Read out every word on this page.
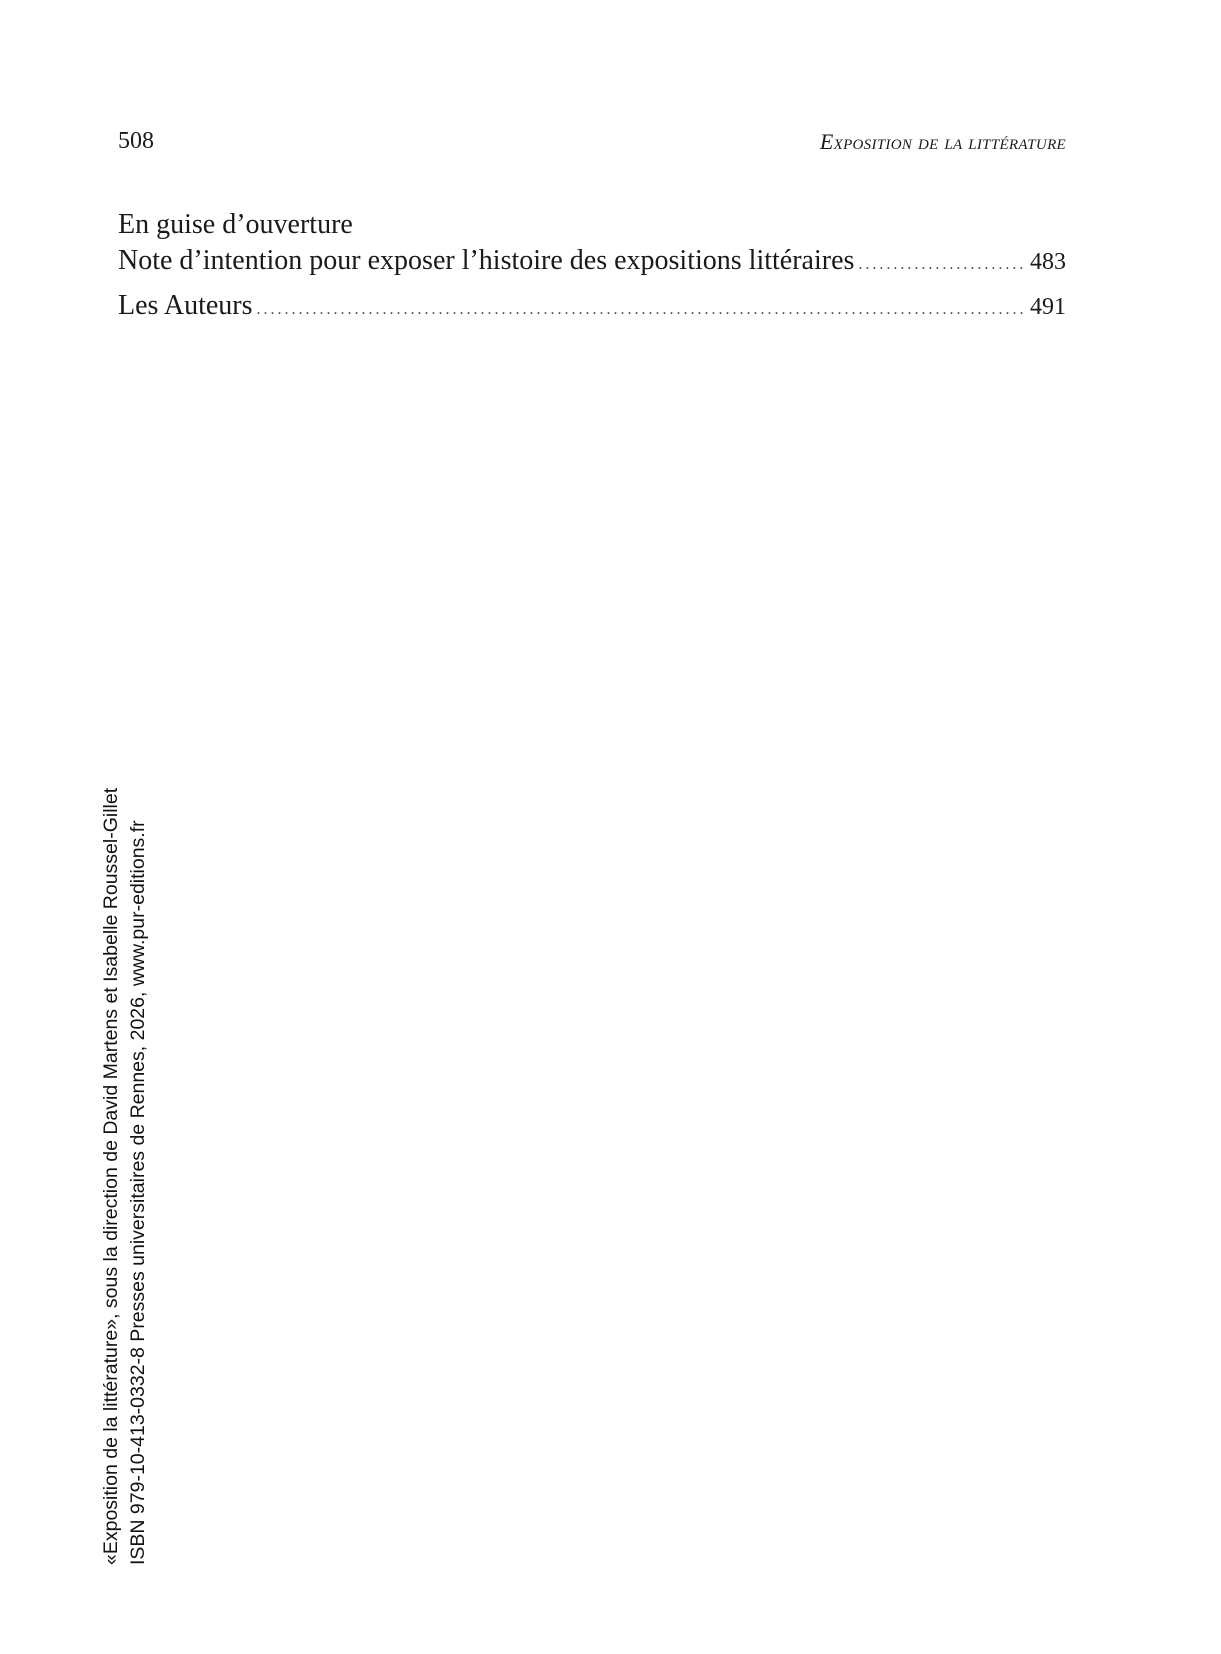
508	Exposition de la littérature
En guise d’ouverture
Note d’intention pour exposer l’histoire des expositions littéraires .....	483
Les Auteurs .....	491
«Exposition de la littérature», sous la direction de David Martens et Isabelle Roussel-Gillet ISBN 979-10-413-0332-8 Presses universitaires de Rennes, 2026, www.pur-editions.fr
